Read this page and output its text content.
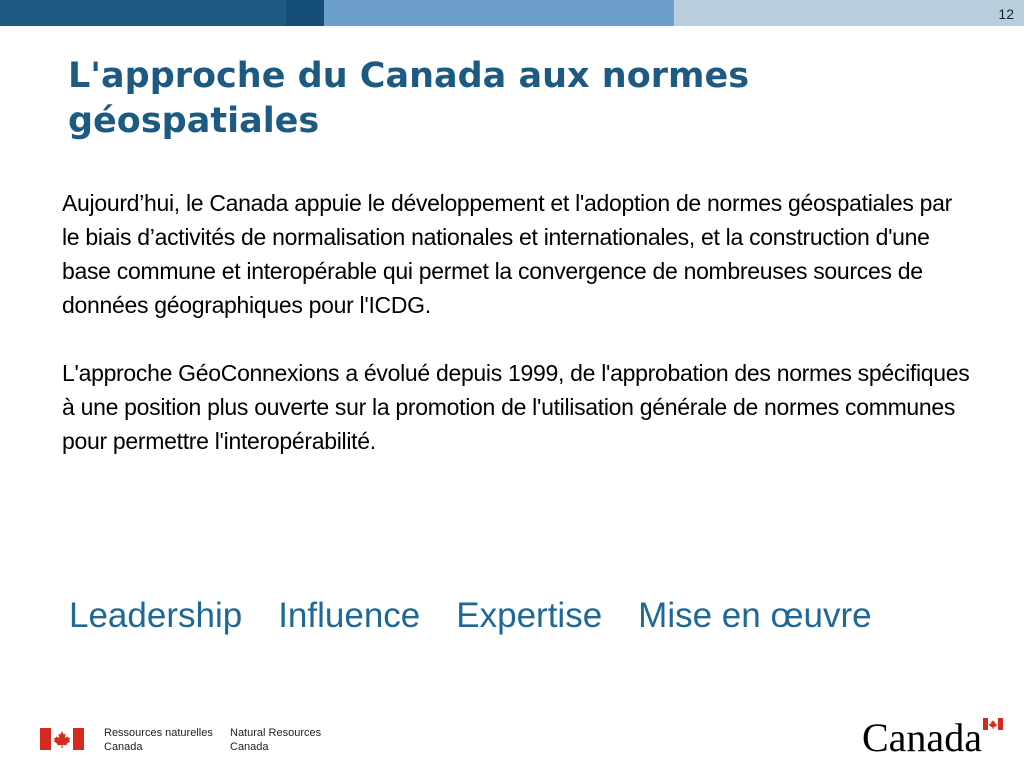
12
L'approche du Canada aux normes géospatiales

Aujourd’hui, le Canada appuie le développement et l'adoption de normes géospatiales par le biais d’activités de normalisation nationales et internationales, et la construction d'une base commune et interopérable qui permet la convergence de nombreuses sources de données géographiques pour l'ICDG.

L'approche GéoConnexions a évolué depuis 1999, de l'approbation des normes spécifiques à une position plus ouverte sur la promotion de l'utilisation générale de normes communes pour permettre l'interopérabilité.

Leadership Influence Expertise Mise en œuvre
Ressources naturelles
Canada
Natural Resources
Canada	Canada
